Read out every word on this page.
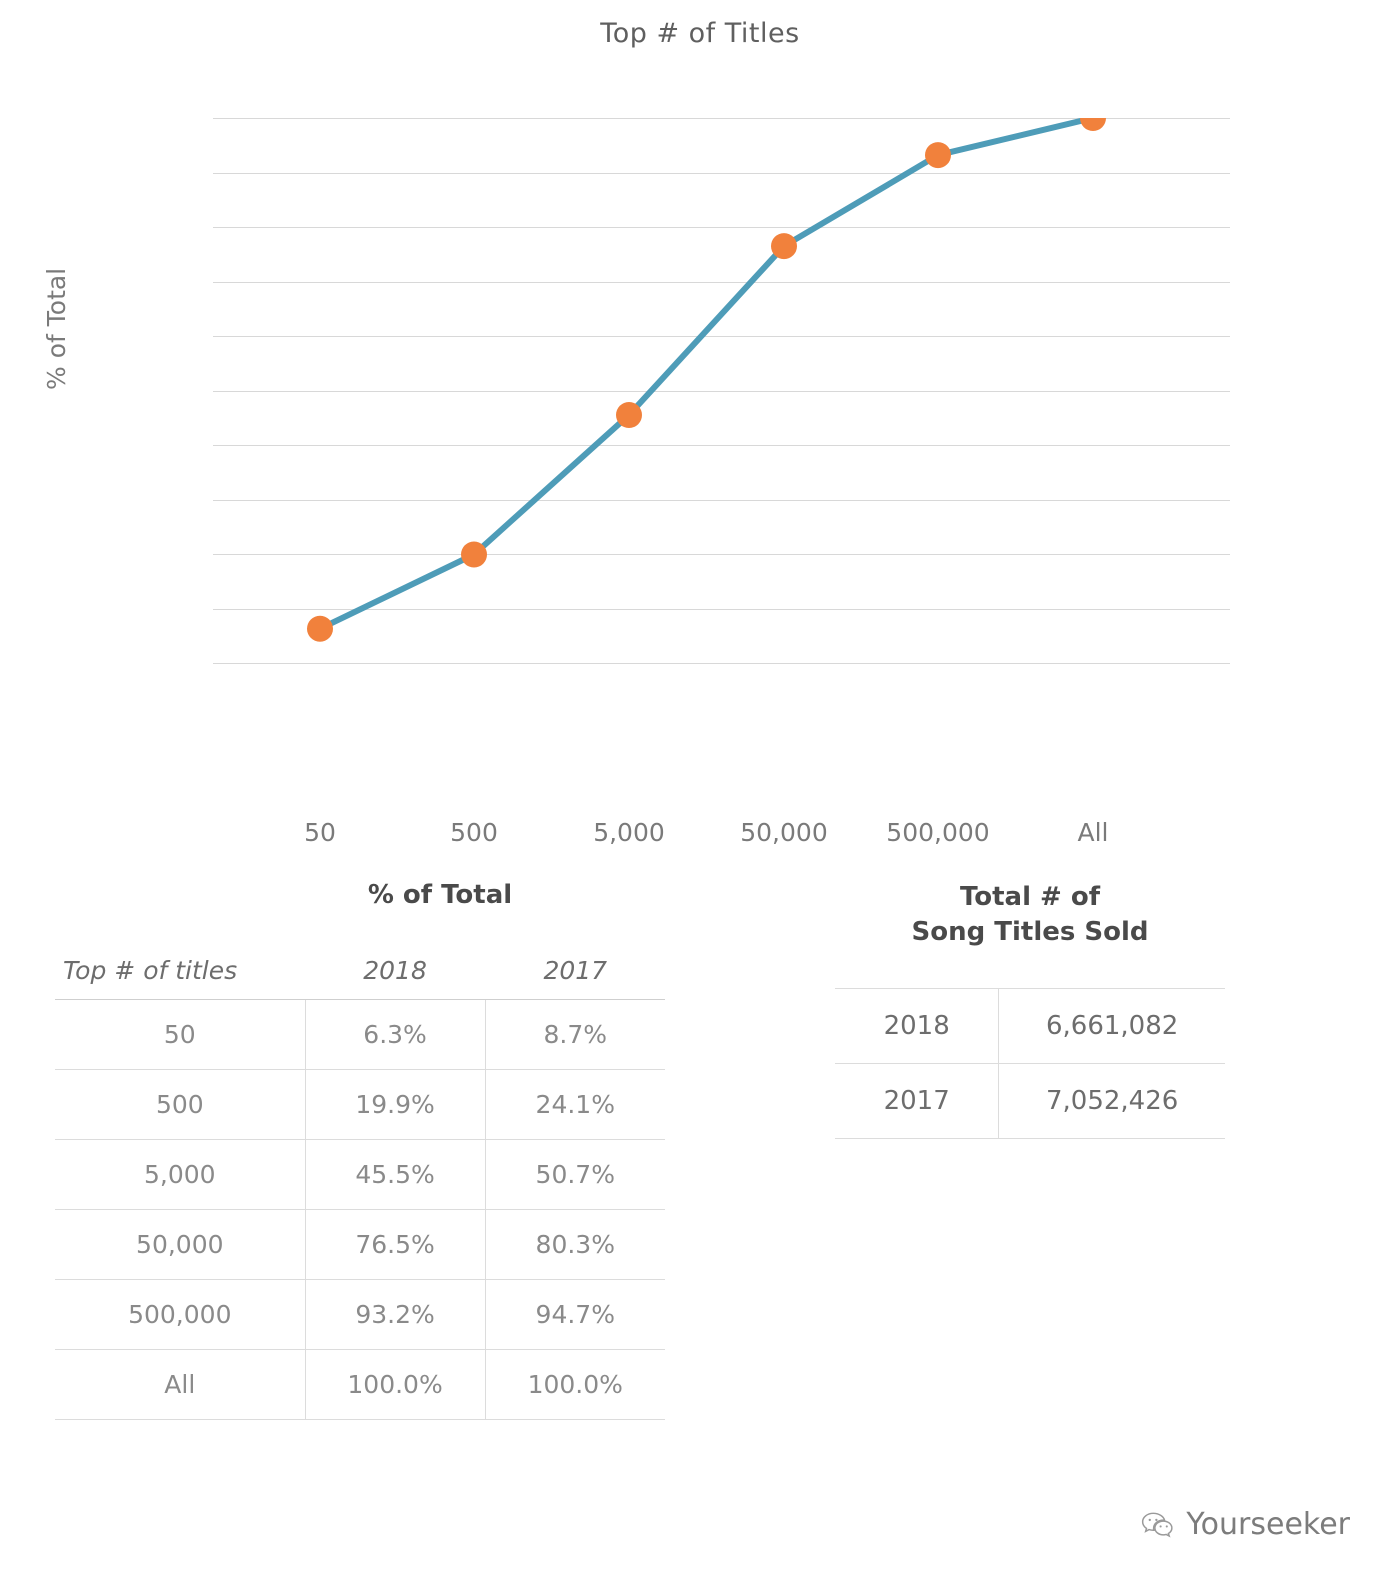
Top # of Titles
% of Total
50	500	5,000	50,000	500,000	All
% of Total
Top # of titles	2018	2017
50	6.3%	8.7%
500	19.9%	24.1%
5,000	45.5%	50.7%
50,000	76.5%	80.3%
500,000	93.2%	94.7%
All	100.0%	100.0%
Total # of
Song Titles Sold
2018	6,661,082
2017	7,052,426
Yourseeker
